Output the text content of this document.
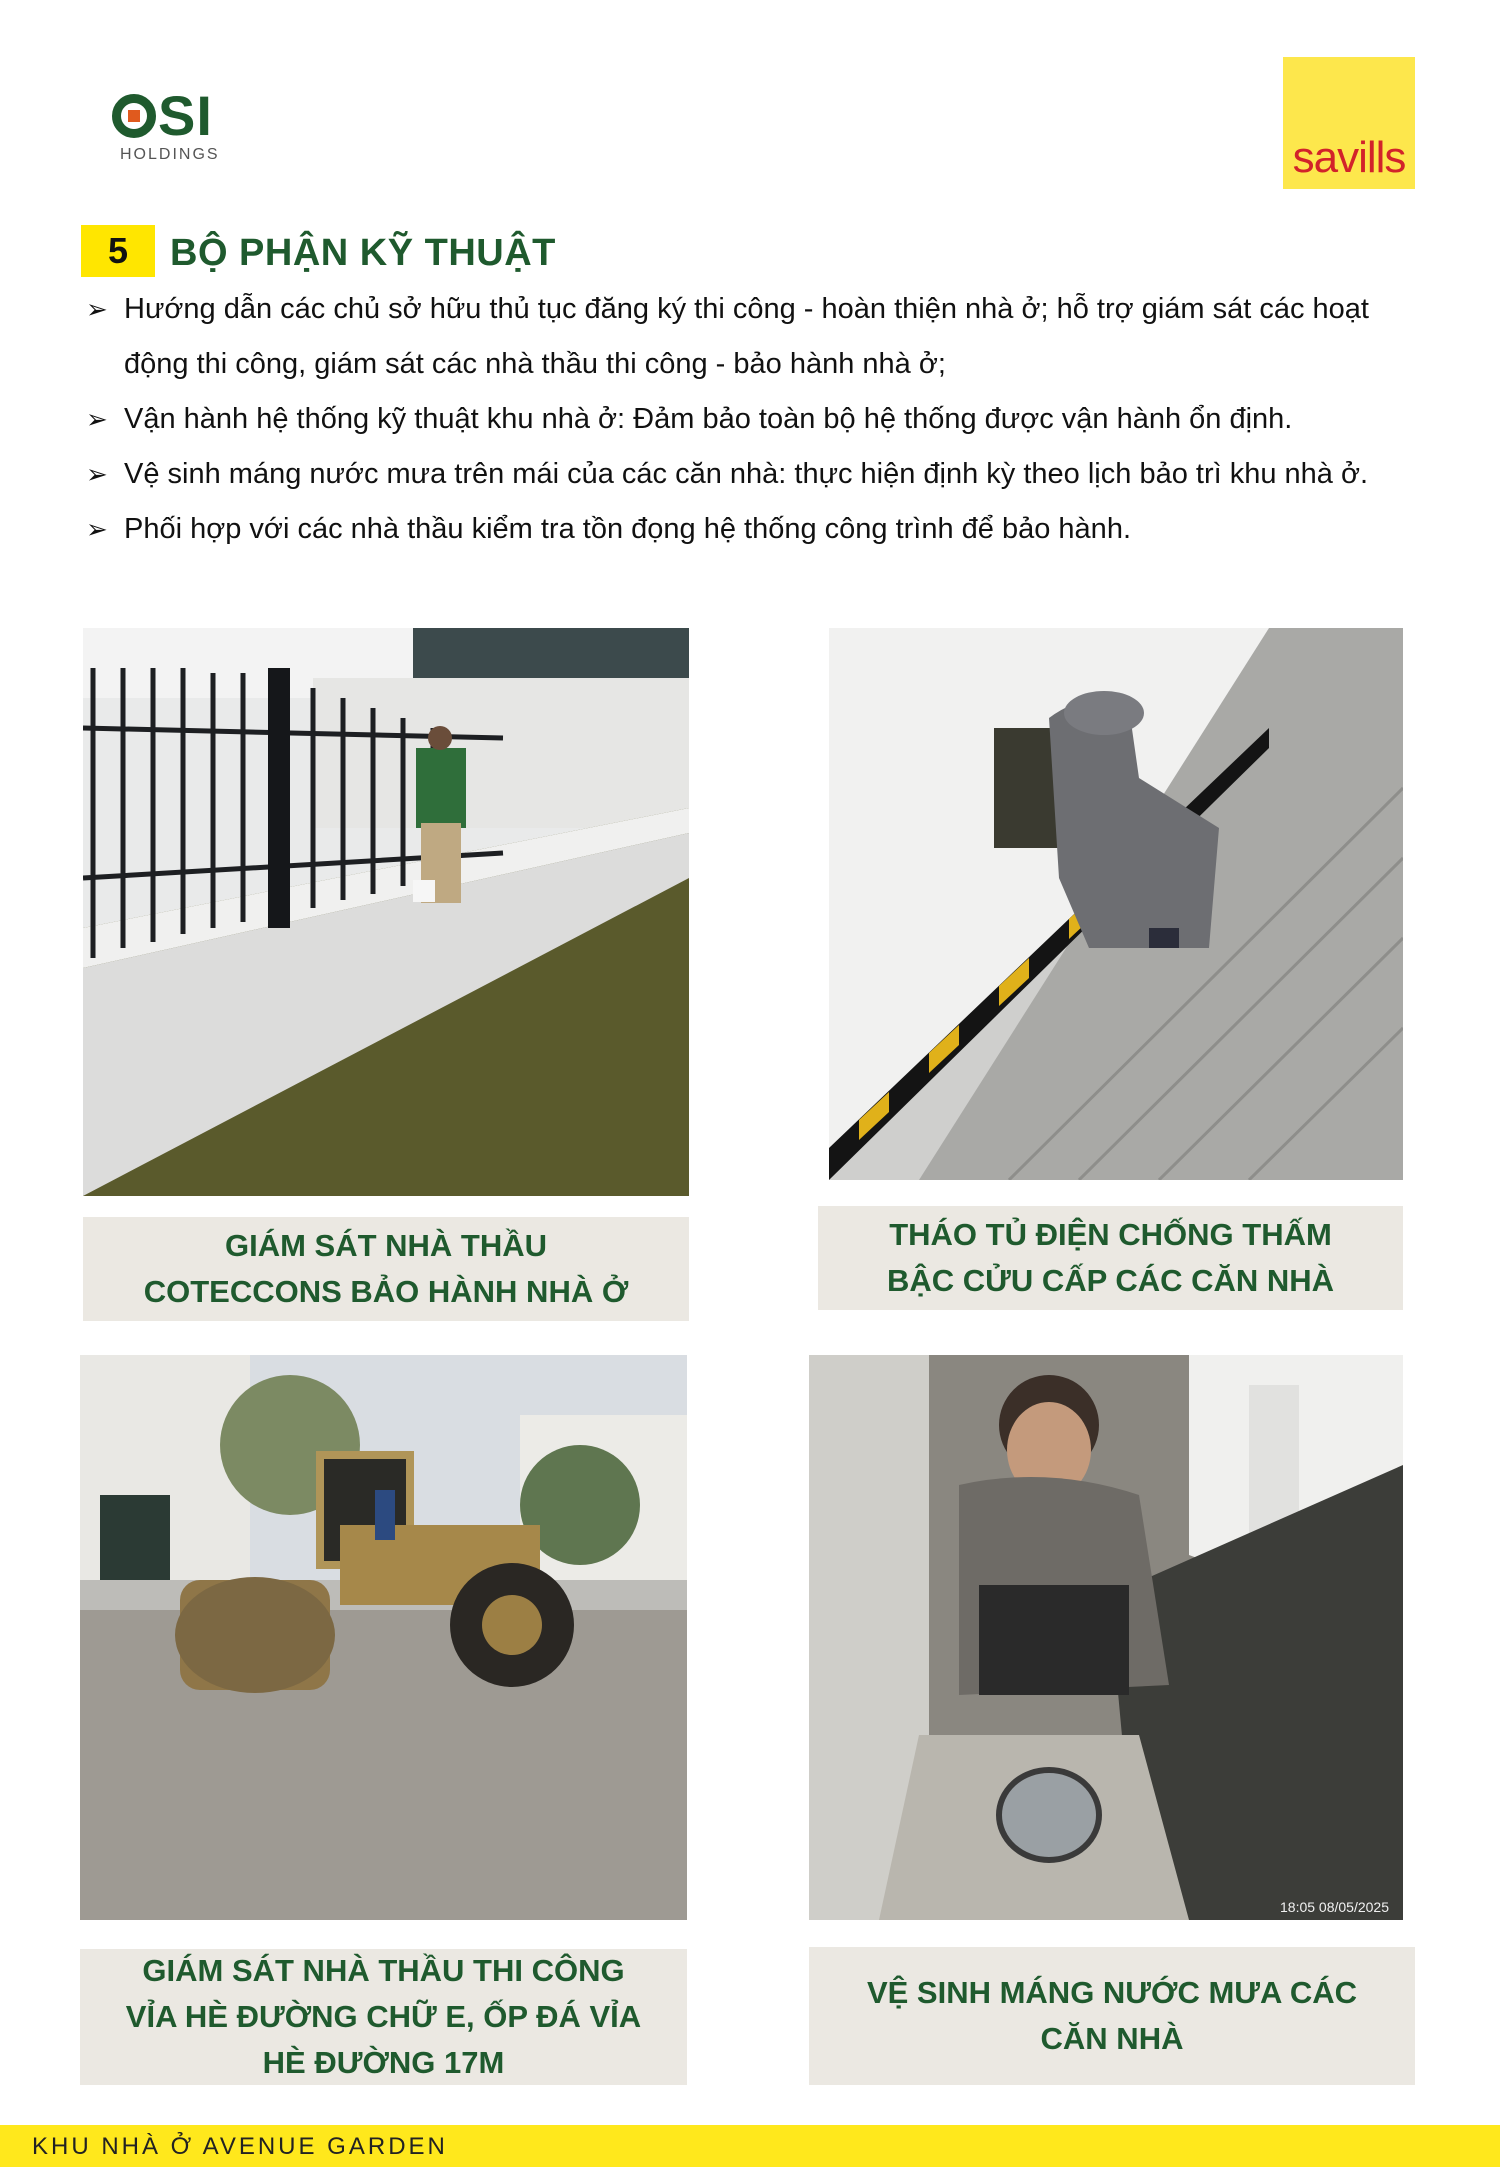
SI
HOLDINGS	savills
5	BỘ PHẬN KỸ THUẬT
➢ Hướng dẫn các chủ sở hữu thủ tục đăng ký thi công - hoàn thiện nhà ở; hỗ trợ giám sát các hoạt động thi công, giám sát các nhà thầu thi công - bảo hành nhà ở;
➢ Vận hành hệ thống kỹ thuật khu nhà ở: Đảm bảo toàn bộ hệ thống được vận hành ổn định.
➢ Vệ sinh máng nước mưa trên mái của các căn nhà: thực hiện định kỳ theo lịch bảo trì khu nhà ở.
➢ Phối hợp với các nhà thầu kiểm tra tồn đọng hệ thống công trình để bảo hành.
GIÁM SÁT NHÀ THẦU
COTECCONS BẢO HÀNH NHÀ Ở
THÁO TỦ ĐIỆN CHỐNG THẤM
BẬC CỬU CẤP CÁC CĂN NHÀ
18:05 08/05/2025
GIÁM SÁT NHÀ THẦU THI CÔNG
VỈA HÈ ĐƯỜNG CHỮ E, ỐP ĐÁ VỈA
HÈ ĐƯỜNG 17M
VỆ SINH MÁNG NƯỚC MƯA CÁC
CĂN NHÀ
KHU NHÀ Ở AVENUE GARDEN
